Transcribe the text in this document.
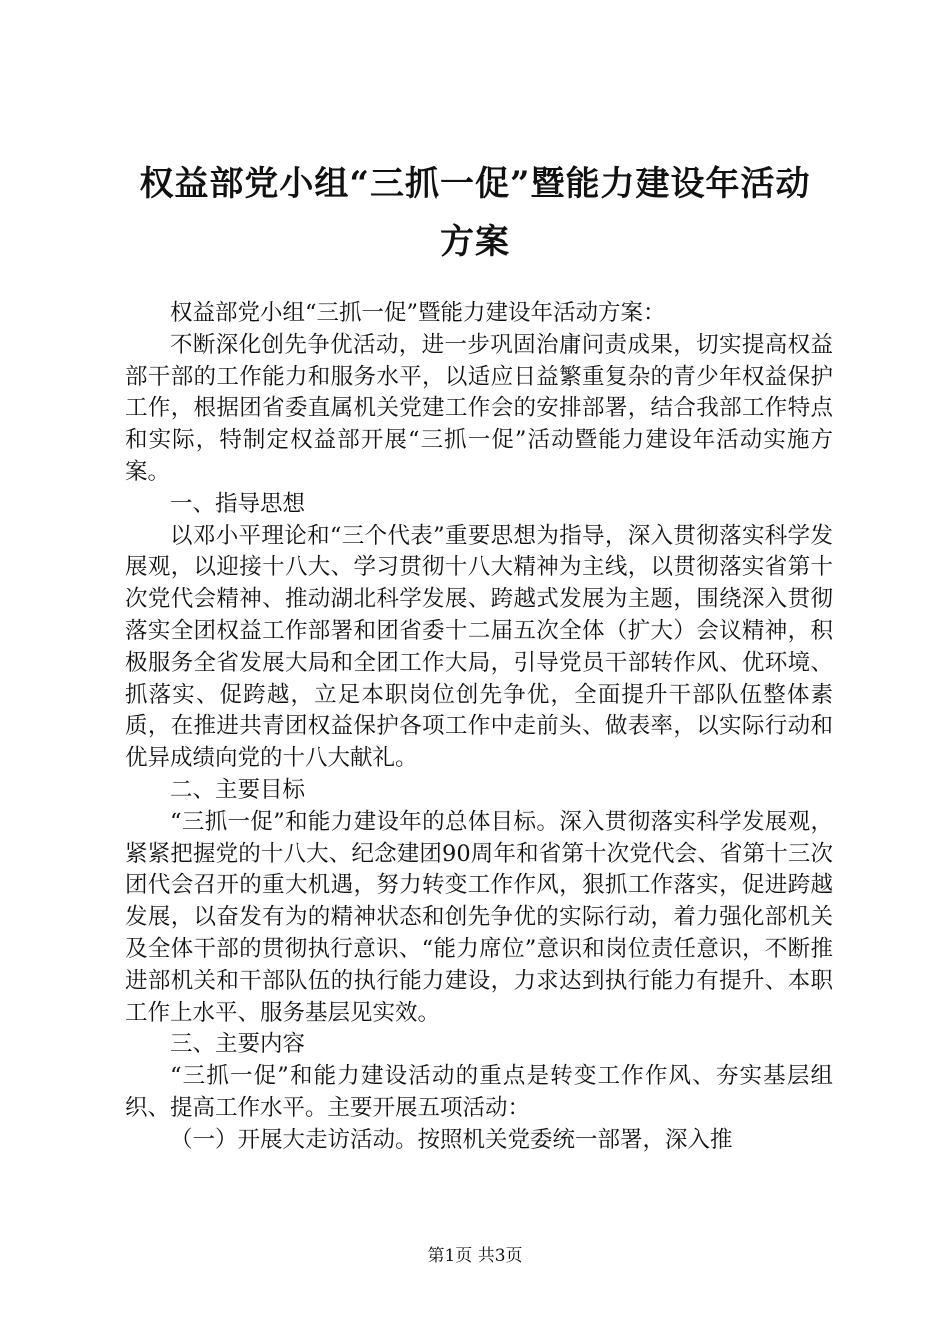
权益部党小组“三抓一促”暨能力建设年活动
方案

权益部党小组“三抓一促”暨能力建设年活动方案：

不断深化创先争优活动，进一步巩固治庸问责成果，切实提高权益部干部的工作能力和服务水平，以适应日益繁重复杂的青少年权益保护工作，根据团省委直属机关党建工作会的安排部署，结合我部工作特点和实际，特制定权益部开展“三抓一促”活动暨能力建设年活动实施方案。

一、指导思想

以邓小平理论和“三个代表”重要思想为指导，深入贯彻落实科学发展观，以迎接十八大、学习贯彻十八大精神为主线，以贯彻落实省第十次党代会精神、推动湖北科学发展、跨越式发展为主题，围绕深入贯彻落实全团权益工作部署和团省委十二届五次全体（扩大）会议精神，积极服务全省发展大局和全团工作大局，引导党员干部转作风、优环境、抓落实、促跨越，立足本职岗位创先争优，全面提升干部队伍整体素质，在推进共青团权益保护各项工作中走前头、做表率，以实际行动和优异成绩向党的十八大献礼。

二、主要目标

“三抓一促”和能力建设年的总体目标。深入贯彻落实科学发展观，紧紧把握党的十八大、纪念建团90周年和省第十次党代会、省第十三次团代会召开的重大机遇，努力转变工作作风，狠抓工作落实，促进跨越发展，以奋发有为的精神状态和创先争优的实际行动，着力强化部机关及全体干部的贯彻执行意识、“能力席位”意识和岗位责任意识，不断推进部机关和干部队伍的执行能力建设，力求达到执行能力有提升、本职工作上水平、服务基层见实效。

三、主要内容

“三抓一促”和能力建设活动的重点是转变工作作风、夯实基层组织、提高工作水平。主要开展五项活动：

（一）开展大走访活动。按照机关党委统一部署，深入推

第1页 共3页
